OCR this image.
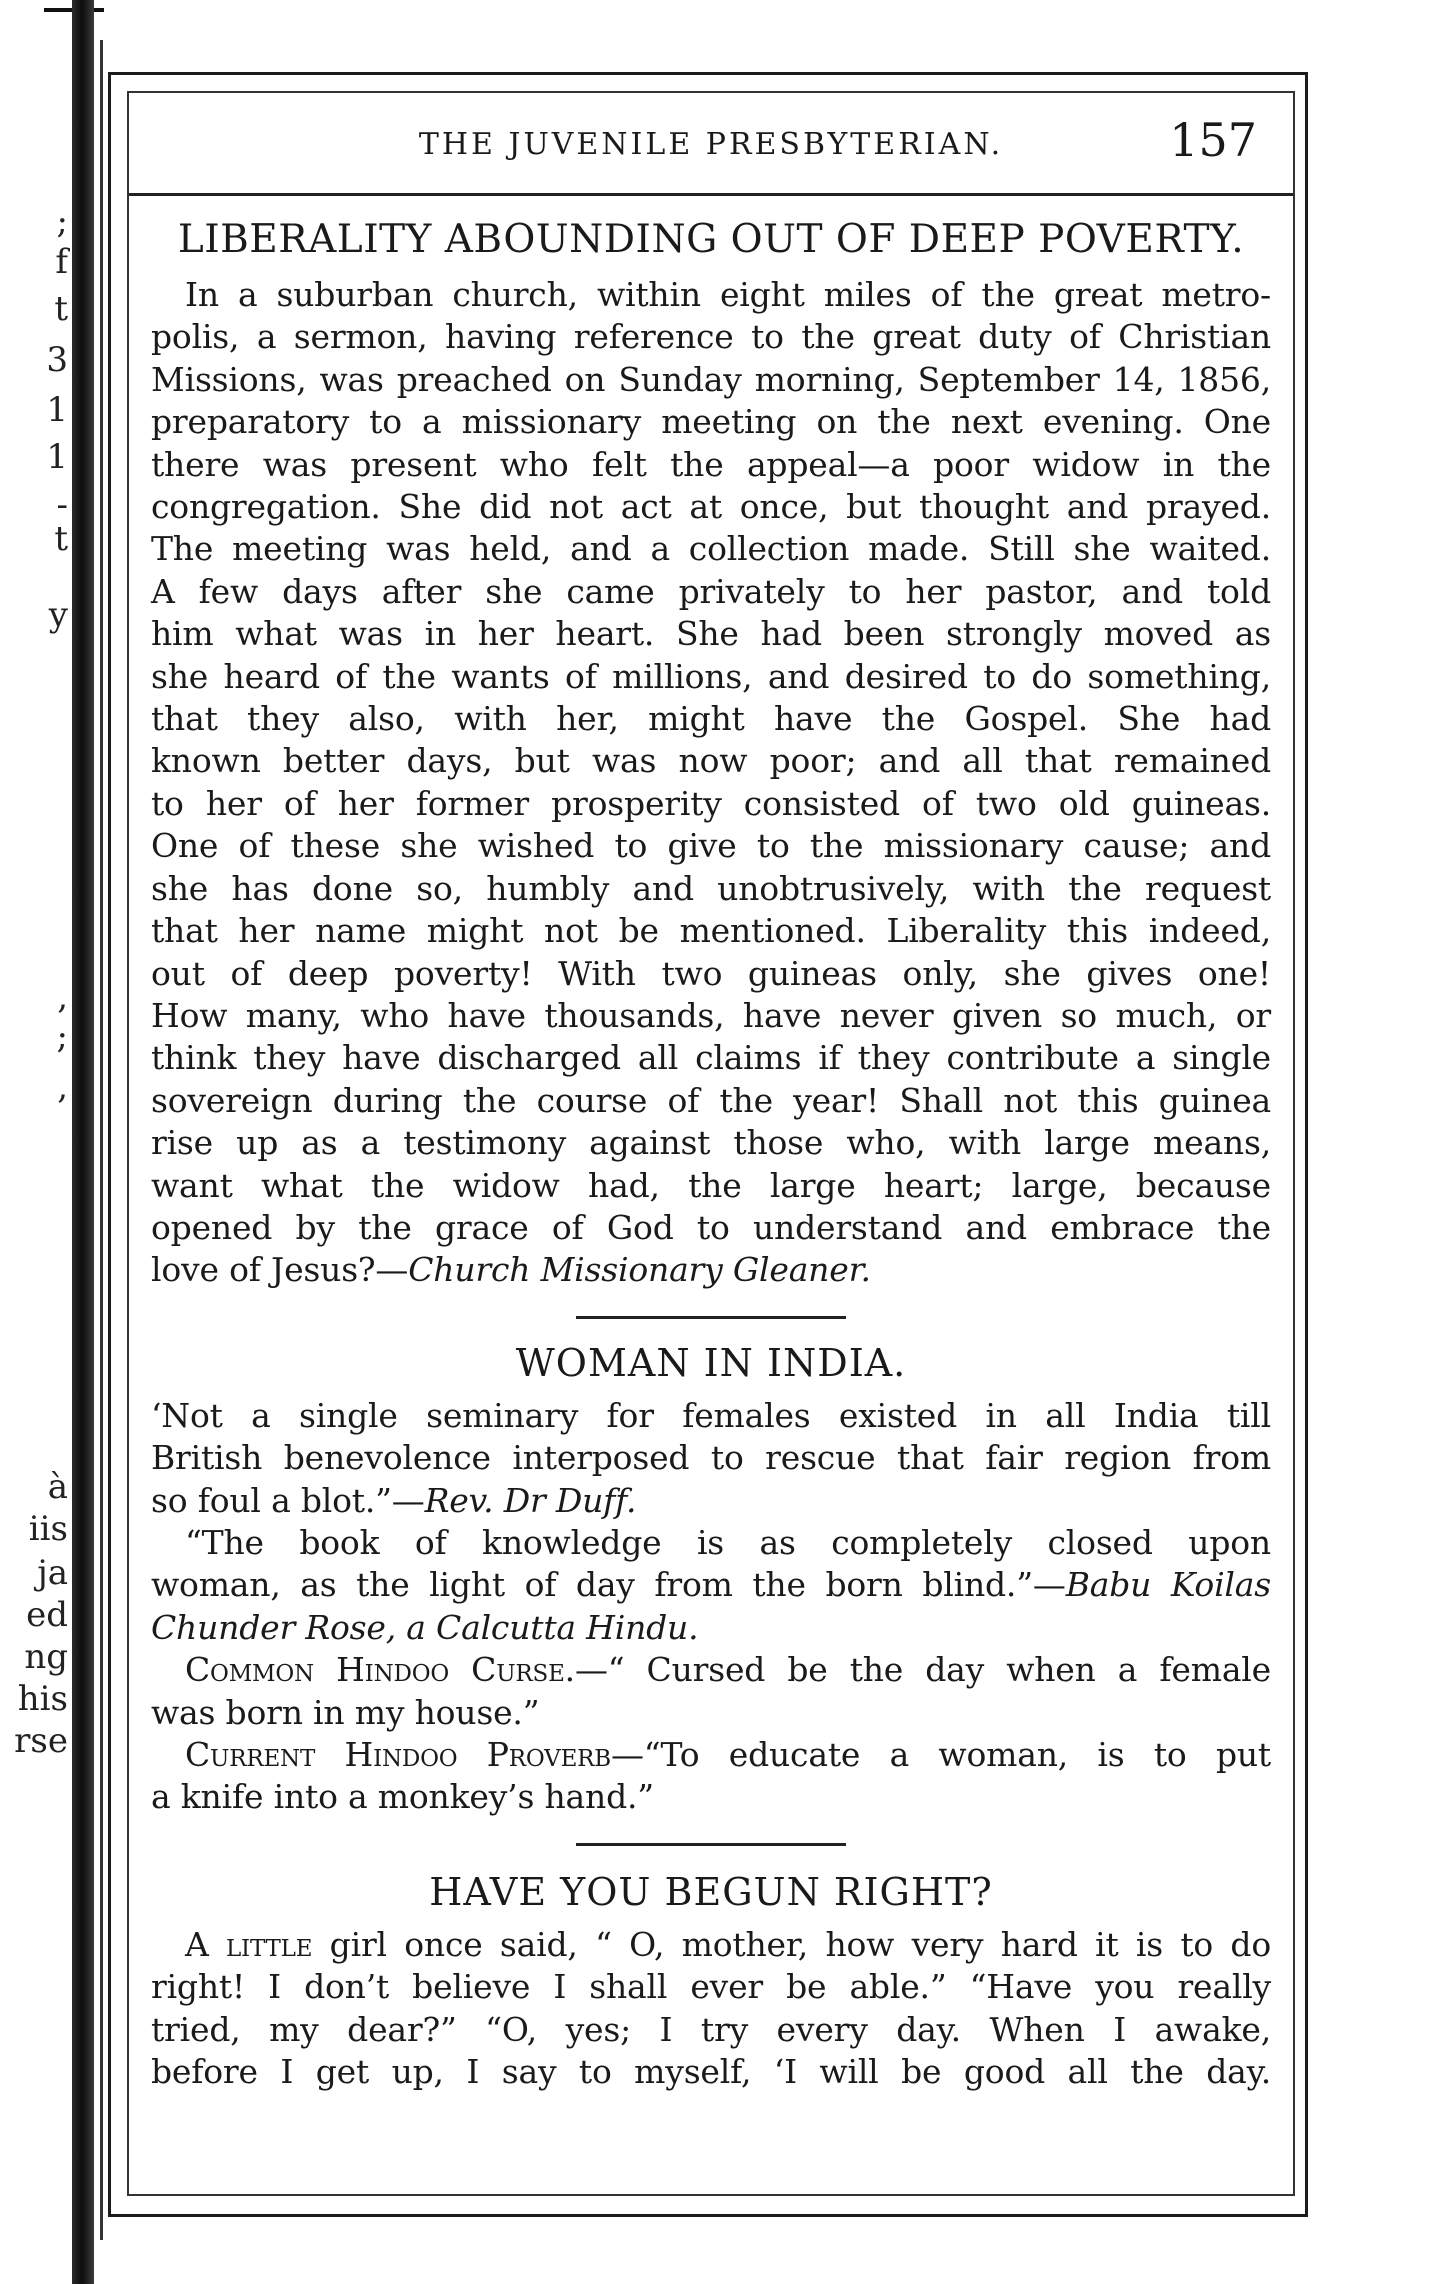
;
f
t
3
1
1
-
t
y
,
;
,
à
iis
ja
ed
ng
his
rse
THE JUVENILE PRESBYTERIAN.	157
LIBERALITY ABOUNDING OUT OF DEEP POVERTY.
In a suburban church, within eight miles of the great metro-
polis, a sermon, having reference to the great duty of Christian
Missions, was preached on Sunday morning, September 14, 1856,
preparatory to a missionary meeting on the next evening. One
there was present who felt the appeal—a poor widow in the
congregation. She did not act at once, but thought and prayed.
The meeting was held, and a collection made. Still she waited.
A few days after she came privately to her pastor, and told
him what was in her heart. She had been strongly moved as
she heard of the wants of millions, and desired to do something,
that they also, with her, might have the Gospel. She had
known better days, but was now poor; and all that remained
to her of her former prosperity consisted of two old guineas.
One of these she wished to give to the missionary cause; and
she has done so, humbly and unobtrusively, with the request
that her name might not be mentioned. Liberality this indeed,
out of deep poverty! With two guineas only, she gives one!
How many, who have thousands, have never given so much, or
think they have discharged all claims if they contribute a single
sovereign during the course of the year! Shall not this guinea
rise up as a testimony against those who, with large means,
want what the widow had, the large heart; large, because
opened by the grace of God to understand and embrace the
love of Jesus?—Church Missionary Gleaner.
WOMAN IN INDIA.
‘Not a single seminary for females existed in all India till
British benevolence interposed to rescue that fair region from
so foul a blot.”—Rev. Dr Duff.
“The book of knowledge is as completely closed upon
woman, as the light of day from the born blind.”—Babu Koilas
Chunder Rose, a Calcutta Hindu.
Common Hindoo Curse.—“ Cursed be the day when a female
was born in my house.”
Current Hindoo Proverb—“To educate a woman, is to put
a knife into a monkey’s hand.”
HAVE YOU BEGUN RIGHT?
A little girl once said, “ O, mother, how very hard it is to do
right! I don’t believe I shall ever be able.” “Have you really
tried, my dear?” “O, yes; I try every day. When I awake,
before I get up, I say to myself, ‘I will be good all the day.
